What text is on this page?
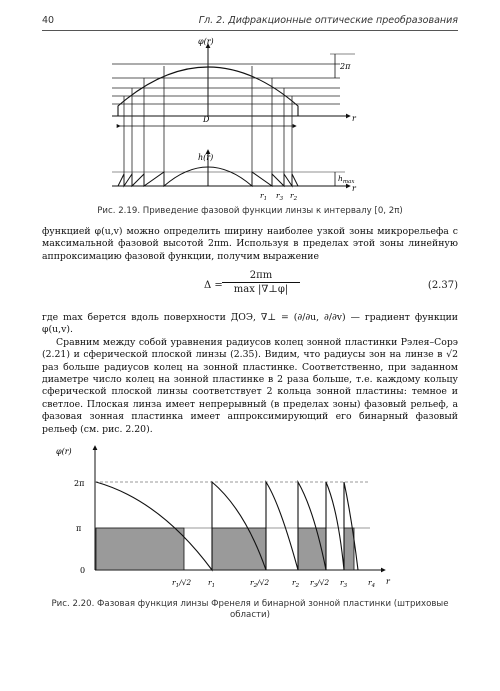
40	Гл. 2. Дифракционные оптические преобразования
φ(r)
r
2π
D
h(r)
r
$h_{max}$
$r_1$ $r_3$ $r_2$
Рис. 2.19. Приведение фазовой функции линзы к интервалу [0, 2π)

функцией φ(u,v) можно определить ширину наиболее узкой зоны микрорельефа с максимальной фазовой высотой 2πm. Используя в пределах этой зоны линейную аппроксимацию фазовой функции, получим выражение

Δ =
2πm
max |∇⊥φ|	(2.37)

где max берется вдоль поверхности ДОЭ, ∇⊥ = (∂/∂u, ∂/∂v) — градиент функции φ(u,v).

Сравним между собой уравнения радиусов колец зонной пластинки Рэлея–Сорэ (2.21) и сферической плоской линзы (2.35). Видим, что радиусы зон на линзе в √2 раз больше радиусов колец на зонной пластинке. Соответственно, при заданном диаметре число колец на зонной пластинке в 2 раза больше, т.е. каждому кольцу сферической плоской линзы соответствует 2 кольца зонной пластины: темное и светлое. Плоская линза имеет непрерывный (в пределах зоны) фазовый рельеф, а фазовая зонная пластинка имеет аппроксимирующий его бинарный фазовый рельеф (см. рис. 2.20).

φ(r)
2π
π
0
r
$r_1/√2$ $r_1$	$r_2/√2$	$r_2$ $r_3/√2$ $r_3$	$r_4$
Рис. 2.20. Фазовая функция линзы Френеля и бинарной зонной пластинки (штриховые области)
